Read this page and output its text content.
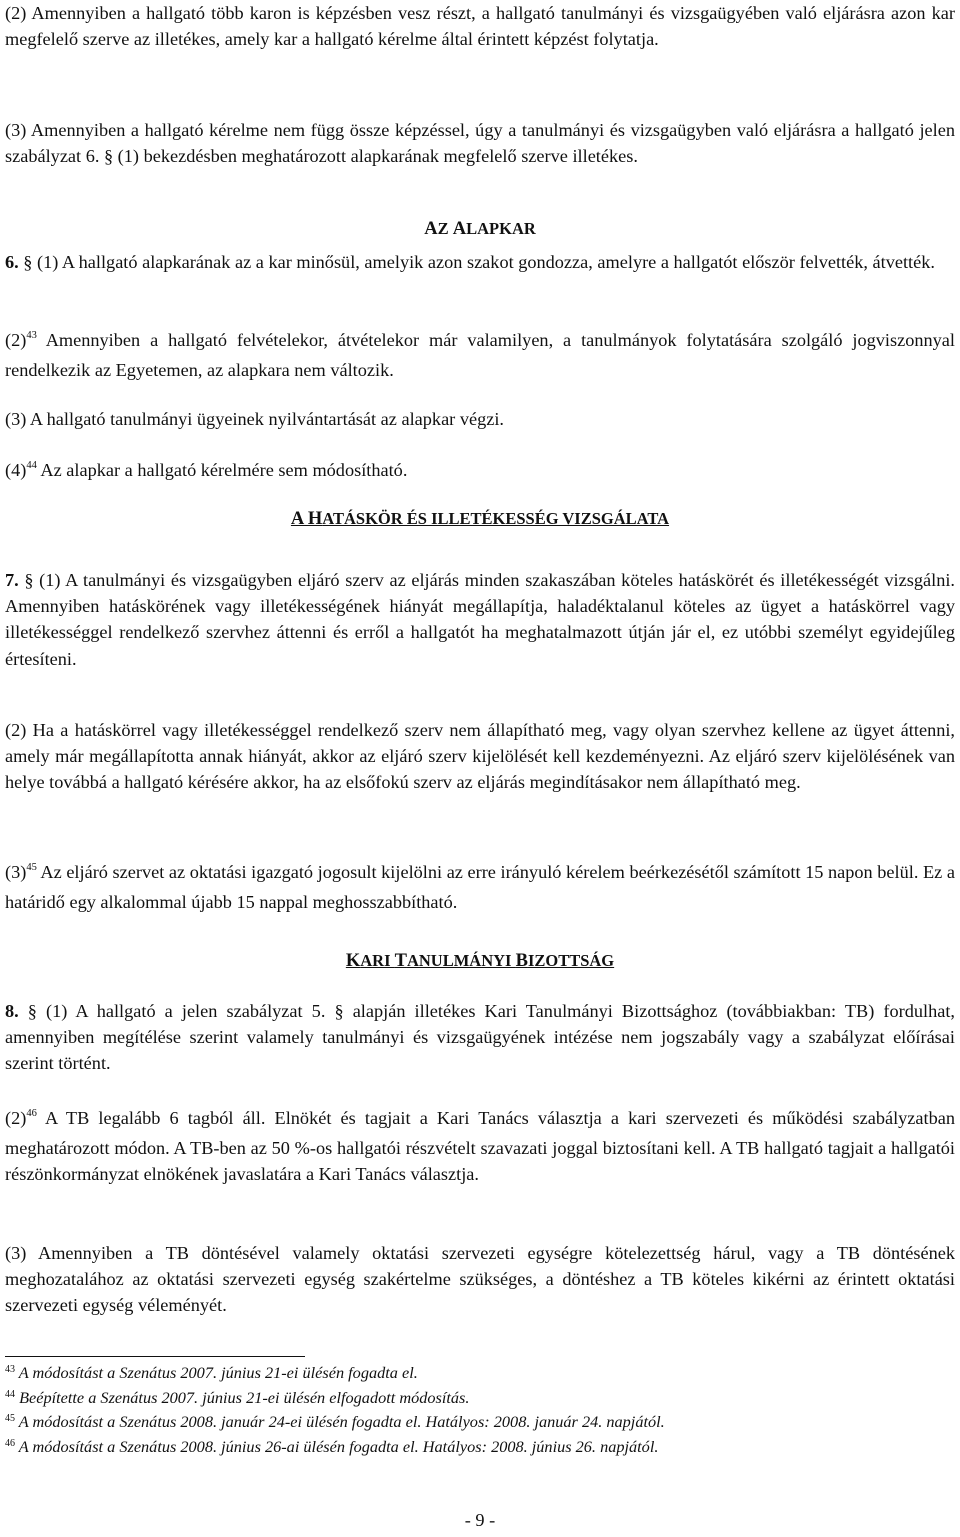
(2) Amennyiben a hallgató több karon is képzésben vesz részt, a hallgató tanulmányi és vizsgaügyében való eljárásra azon kar megfelelő szerve az illetékes, amely kar a hallgató kérelme által érintett képzést folytatja.
(3) Amennyiben a hallgató kérelme nem függ össze képzéssel, úgy a tanulmányi és vizsgaügyben való eljárásra a hallgató jelen szabályzat 6. § (1) bekezdésben meghatározott alapkarának megfelelő szerve illetékes.
AZ ALAPKAR
6. § (1) A hallgató alapkarának az a kar minősül, amelyik azon szakot gondozza, amelyre a hallgatót először felvették, átvették.
(2)$^{43}$ Amennyiben a hallgató felvételekor, átvételekor már valamilyen, a tanulmányok folytatására szolgáló jogviszonnyal rendelkezik az Egyetemen, az alapkara nem változik.
(3) A hallgató tanulmányi ügyeinek nyilvántartását az alapkar végzi.
(4)$^{44}$ Az alapkar a hallgató kérelmére sem módosítható.
A HATÁSKÖR ÉS ILLETÉKESSÉG VIZSGÁLATA
7. § (1) A tanulmányi és vizsgaügyben eljáró szerv az eljárás minden szakaszában köteles hatáskörét és illetékességét vizsgálni. Amennyiben hatáskörének vagy illetékességének hiányát megállapítja, haladéktalanul köteles az ügyet a hatáskörrel vagy illetékességgel rendelkező szervhez áttenni és erről a hallgatót ha meghatalmazott útján jár el, ez utóbbi személyt egyidejűleg értesíteni.
(2) Ha a hatáskörrel vagy illetékességgel rendelkező szerv nem állapítható meg, vagy olyan szervhez kellene az ügyet áttenni, amely már megállapította annak hiányát, akkor az eljáró szerv kijelölését kell kezdeményezni. Az eljáró szerv kijelölésének van helye továbbá a hallgató kérésére akkor, ha az elsőfokú szerv az eljárás megindításakor nem állapítható meg.
(3)$^{45}$ Az eljáró szervet az oktatási igazgató jogosult kijelölni az erre irányuló kérelem beérkezésétől számított 15 napon belül. Ez a határidő egy alkalommal újabb 15 nappal meghosszabbítható.
KARI TANULMÁNYI BIZOTTSÁG
8. § (1) A hallgató a jelen szabályzat 5. § alapján illetékes Kari Tanulmányi Bizottsághoz (továbbiakban: TB) fordulhat, amennyiben megítélése szerint valamely tanulmányi és vizsgaügyének intézése nem jogszabály vagy a szabályzat előírásai szerint történt.
(2)$^{46}$ A TB legalább 6 tagból áll. Elnökét és tagjait a Kari Tanács választja a kari szervezeti és működési szabályzatban meghatározott módon. A TB-ben az 50 %-os hallgatói részvételt szavazati joggal biztosítani kell. A TB hallgató tagjait a hallgatói részönkormányzat elnökének javaslatára a Kari Tanács választja.
(3) Amennyiben a TB döntésével valamely oktatási szervezeti egységre kötelezettség hárul, vagy a TB döntésének meghozatalához az oktatási szervezeti egység szakértelme szükséges, a döntéshez a TB köteles kikérni az érintett oktatási szervezeti egység véleményét.

$^{43}$ A módosítást a Szenátus 2007. június 21-ei ülésén fogadta el.

$^{44}$ Beépítette a Szenátus 2007. június 21-ei ülésén elfogadott módosítás.

$^{45}$ A módosítást a Szenátus 2008. január 24-ei ülésén fogadta el. Hatályos: 2008. január 24. napjától.

$^{46}$ A módosítást a Szenátus 2008. június 26-ai ülésén fogadta el. Hatályos: 2008. június 26. napjától.

- 9 -
